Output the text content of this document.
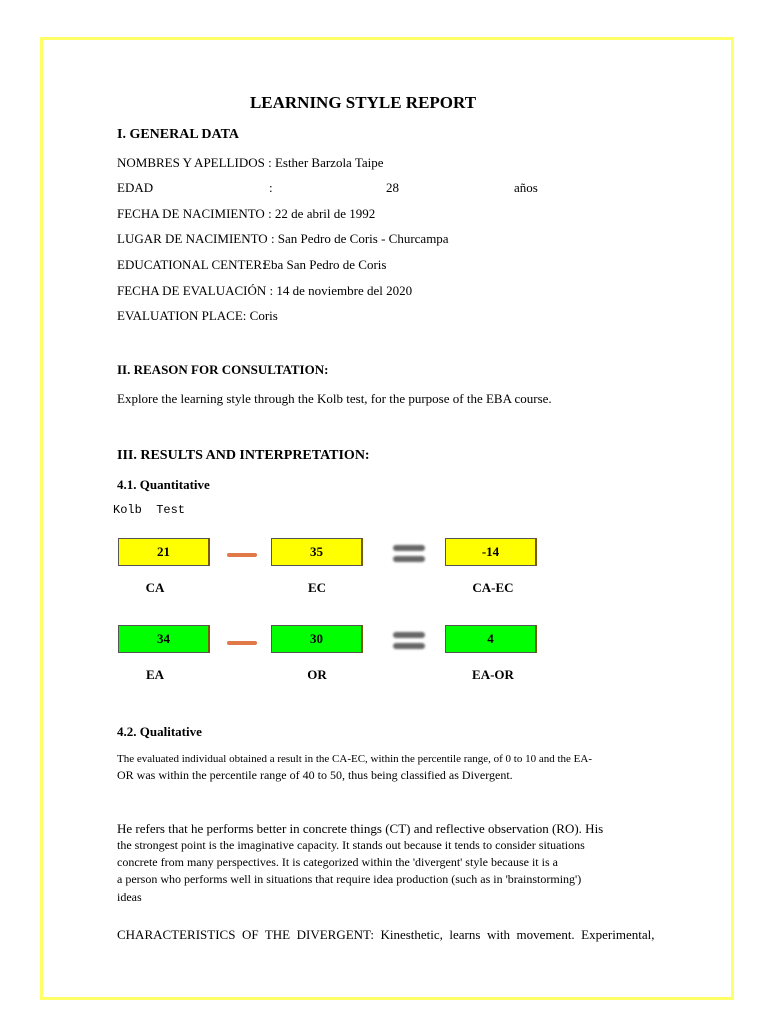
LEARNING STYLE REPORT
I. GENERAL DATA
NOMBRES Y APELLIDOS : Esther Barzola Taipe
EDAD	:	28	años
FECHA DE NACIMIENTO : 22 de abril de 1992
LUGAR DE NACIMIENTO : San Pedro de Coris - Churcampa
EDUCATIONAL CENTER:
Eba San Pedro de Coris
FECHA DE EVALUACIÓN : 14 de noviembre del 2020
EVALUATION PLACE: Coris
II. REASON FOR CONSULTATION:
Explore the learning style through the Kolb test, for the purpose of the EBA course.
III. RESULTS AND INTERPRETATION:
4.1. Quantitative
Kolb  Test
21	35	-14
CA	EC	CA-EC
34	30	4
EA	OR	EA-OR
4.2. Qualitative
The evaluated individual obtained a result in the CA-EC, within the percentile range, of 0 to 10 and the EA-
OR was within the percentile range of 40 to 50, thus being classified as Divergent.
He refers that he performs better in concrete things (CT) and reflective observation (RO). His
the strongest point is the imaginative capacity. It stands out because it tends to consider situations
concrete from many perspectives. It is categorized within the 'divergent' style because it is a
a person who performs well in situations that require idea production (such as in 'brainstorming')
ideas
CHARACTERISTICS  OF  THE  DIVERGENT:  Kinesthetic,  learns  with  movement.  Experimental,
